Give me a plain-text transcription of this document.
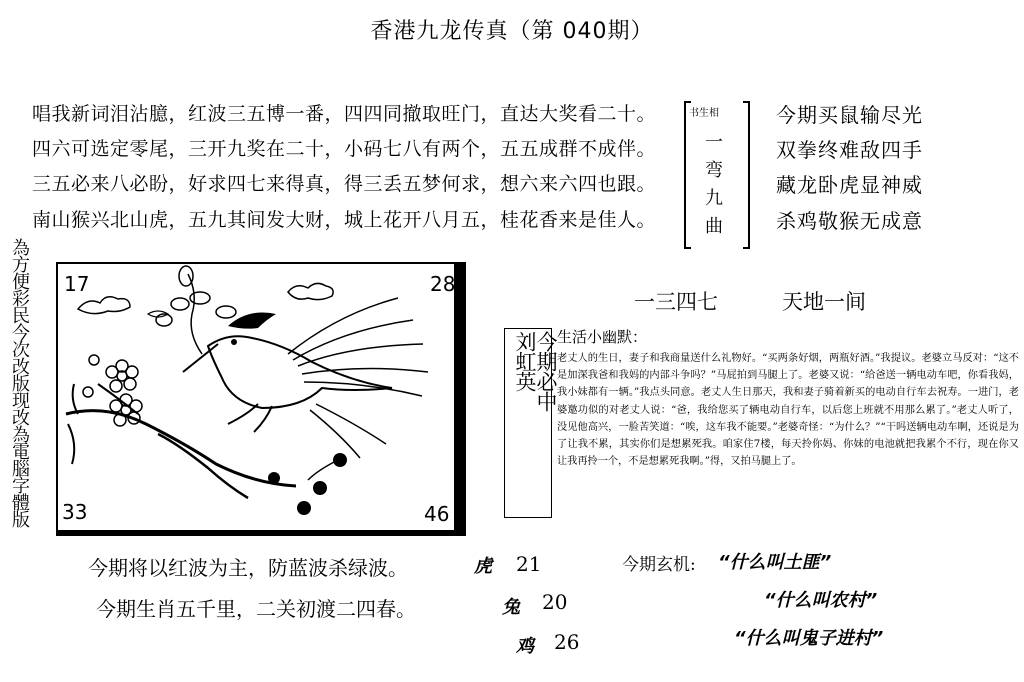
香港九龙传真（第 040期）
唱我新词泪沾臆，红波三五博一番，四四同撤取旺门，直达大奖看二十。
四六可选定零尾，三开九奖在二十，小码七八有两个，五五成群不成伴。
三五必来八必盼，好求四七来得真，得三丢五梦何求，想六来六四也跟。
南山猴兴北山虎，五九其间发大财，城上花开八月五，桂花香来是佳人。
书生相
一
弯
九
曲
今期买鼠输尽光
双拳终难敌四手
藏龙卧虎显神威
杀鸡敬猴无成意
為方便彩民今次改版现改為電腦字體版 17	28
33	46
一三四七	天地一间
今期必中
刘虹英	生活小幽默：
老丈人的生日，妻子和我商量送什么礼物好。“买两条好烟，两瓶好酒。”我提议。老婆立马反对：“这不是加深我爸和我妈的内部斗争吗？”马屁拍到马腿上了。老婆又说：“给爸送一辆电动车吧，你看我妈，我小妹都有一辆。”我点头同意。老丈人生日那天，我和妻子骑着新买的电动自行车去祝寿。一进门，老婆邀功似的对老丈人说：“爸，我给您买了辆电动自行车，以后您上班就不用那么累了。”老丈人听了，没见他高兴，一脸苦笑道：“唉，这车我不能要。”老婆奇怪：“为什么？”“干吗送辆电动车啊，还说是为了让我不累，其实你们是想累死我。咱家住7楼，每天拎你妈、你妹的电池就把我累个不行，现在你又让我再拎一个，不是想累死我啊。”得，又拍马腿上了。
今期将以红波为主，防蓝波杀绿波。
今期生肖五千里，二关初渡二四春。
虎 21
兔 20
鸡 26
今期玄机: “什么叫土匪”
“什么叫农村”
“什么叫鬼子进村”
